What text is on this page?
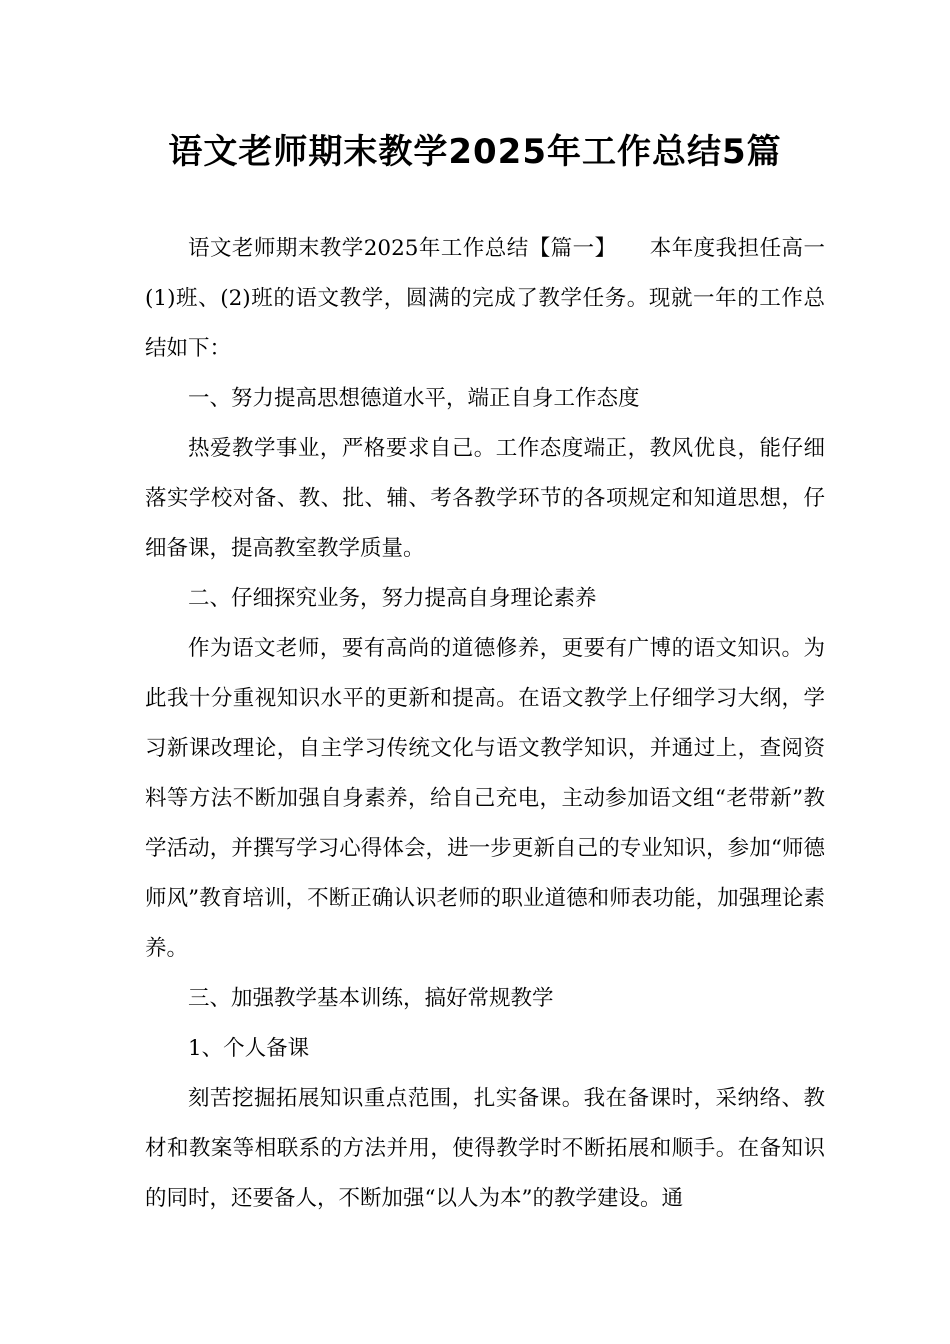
语文老师期末教学2025年工作总结5篇

语文老师期末教学2025年工作总结【篇一】　　本年度我担任高一(1)班、(2)班的语文教学，圆满的完成了教学任务。现就一年的工作总结如下：

一、努力提高思想德道水平，端正自身工作态度

热爱教学事业，严格要求自己。工作态度端正，教风优良，能仔细落实学校对备、教、批、辅、考各教学环节的各项规定和知道思想，仔细备课，提高教室教学质量。

二、仔细探究业务，努力提高自身理论素养

作为语文老师，要有高尚的道德修养，更要有广博的语文知识。为此我十分重视知识水平的更新和提高。在语文教学上仔细学习大纲，学习新课改理论，自主学习传统文化与语文教学知识，并通过上，查阅资料等方法不断加强自身素养，给自己充电，主动参加语文组“老带新”教学活动，并撰写学习心得体会，进一步更新自己的专业知识，参加“师德师风”教育培训，不断正确认识老师的职业道德和师表功能，加强理论素养。

三、加强教学基本训练，搞好常规教学

1、个人备课

刻苦挖掘拓展知识重点范围，扎实备课。我在备课时，采纳络、教材和教案等相联系的方法并用，使得教学时不断拓展和顺手。在备知识的同时，还要备人，不断加强“以人为本”的教学建设。通
